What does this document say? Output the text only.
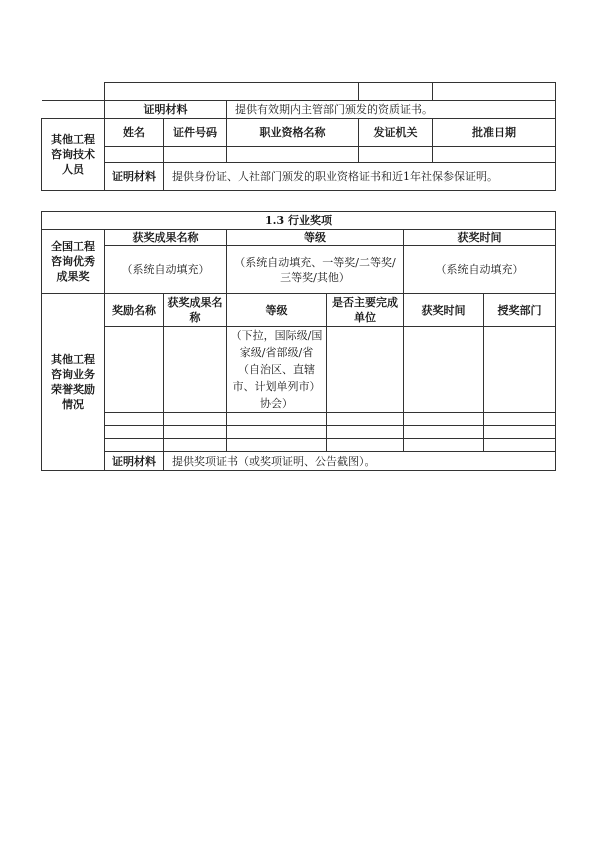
	证明材料		提供有效期内主管部门颁发的资质证书。		
其他工程咨询技术人员	姓名	证件号码	职业资格名称	发证机关	批准日期

	证明材料	提供身份证、人社部门颁发的职业资格证书和近1年社保参保证明。			
1.3 行业奖项						
全国工程咨询优秀成果奖	获奖成果名称		等级		获奖时间	
	（系统自动填充）		（系统自动填充、一等奖/二等奖/三等奖/其他）		（系统自动填充）	
其他工程咨询业务荣誉奖励情况	奖励名称	获奖成果名称	等级	是否主要完成单位	获奖时间	授奖部门
			（下拉，国际级/国家级/省部级/省（自治区、直辖市、计划单列市）协会）			

	证明材料	提供奖项证书（或奖项证明、公告截图）。				
